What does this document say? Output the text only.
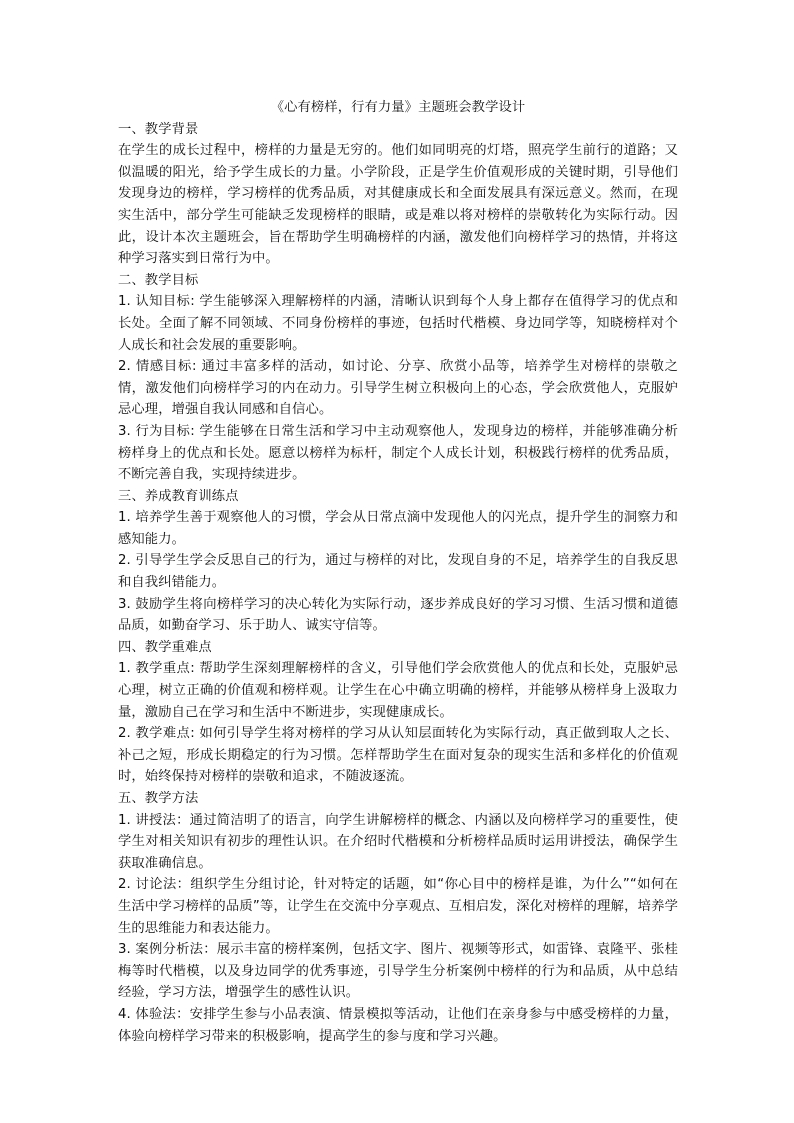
《心有榜样，行有力量》主题班会教学设计

一、教学背景

在学生的成长过程中，榜样的力量是无穷的。他们如同明亮的灯塔，照亮学生前行的道路；又似温暖的阳光，给予学生成长的力量。小学阶段，正是学生价值观形成的关键时期，引导他们发现身边的榜样，学习榜样的优秀品质，对其健康成长和全面发展具有深远意义。然而，在现实生活中，部分学生可能缺乏发现榜样的眼睛，或是难以将对榜样的崇敬转化为实际行动。因此，设计本次主题班会，旨在帮助学生明确榜样的内涵，激发他们向榜样学习的热情，并将这种学习落实到日常行为中。

二、教学目标

1. 认知目标: 学生能够深入理解榜样的内涵，清晰认识到每个人身上都存在值得学习的优点和长处。全面了解不同领域、不同身份榜样的事迹，包括时代楷模、身边同学等，知晓榜样对个人成长和社会发展的重要影响。

2. 情感目标: 通过丰富多样的活动，如讨论、分享、欣赏小品等，培养学生对榜样的崇敬之情，激发他们向榜样学习的内在动力。引导学生树立积极向上的心态，学会欣赏他人，克服妒忌心理，增强自我认同感和自信心。

3. 行为目标: 学生能够在日常生活和学习中主动观察他人，发现身边的榜样，并能够准确分析榜样身上的优点和长处。愿意以榜样为标杆，制定个人成长计划，积极践行榜样的优秀品质，不断完善自我，实现持续进步。

三、养成教育训练点

1. 培养学生善于观察他人的习惯，学会从日常点滴中发现他人的闪光点，提升学生的洞察力和感知能力。

2. 引导学生学会反思自己的行为，通过与榜样的对比，发现自身的不足，培养学生的自我反思和自我纠错能力。

3. 鼓励学生将向榜样学习的决心转化为实际行动，逐步养成良好的学习习惯、生活习惯和道德品质，如勤奋学习、乐于助人、诚实守信等。

四、教学重难点

1. 教学重点: 帮助学生深刻理解榜样的含义，引导他们学会欣赏他人的优点和长处，克服妒忌心理，树立正确的价值观和榜样观。让学生在心中确立明确的榜样，并能够从榜样身上汲取力量，激励自己在学习和生活中不断进步，实现健康成长。

2. 教学难点: 如何引导学生将对榜样的学习从认知层面转化为实际行动，真正做到取人之长、补己之短，形成长期稳定的行为习惯。怎样帮助学生在面对复杂的现实生活和多样化的价值观时，始终保持对榜样的崇敬和追求，不随波逐流。

五、教学方法

1. 讲授法：通过简洁明了的语言，向学生讲解榜样的概念、内涵以及向榜样学习的重要性，使学生对相关知识有初步的理性认识。在介绍时代楷模和分析榜样品质时运用讲授法，确保学生获取准确信息。

2. 讨论法：组织学生分组讨论，针对特定的话题，如“你心目中的榜样是谁，为什么”“如何在生活中学习榜样的品质”等，让学生在交流中分享观点、互相启发，深化对榜样的理解，培养学生的思维能力和表达能力。

3. 案例分析法：展示丰富的榜样案例，包括文字、图片、视频等形式，如雷锋、袁隆平、张桂梅等时代楷模，以及身边同学的优秀事迹，引导学生分析案例中榜样的行为和品质，从中总结经验，学习方法，增强学生的感性认识。

4. 体验法：安排学生参与小品表演、情景模拟等活动，让他们在亲身参与中感受榜样的力量，体验向榜样学习带来的积极影响，提高学生的参与度和学习兴趣。
